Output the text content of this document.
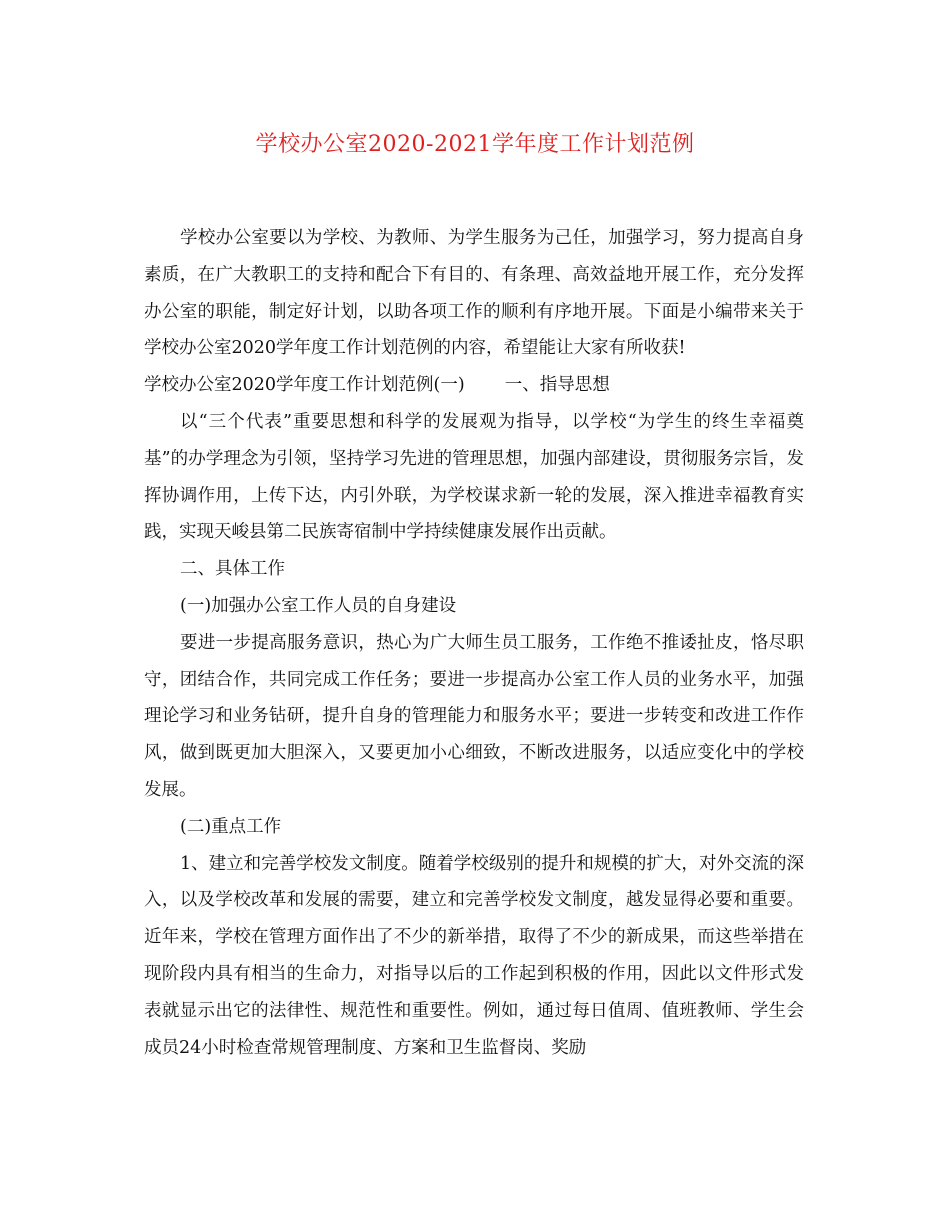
学校办公室2020-2021学年度工作计划范例

学校办公室要以为学校、为教师、为学生服务为己任，加强学习，努力提高自身素质，在广大教职工的支持和配合下有目的、有条理、高效益地开展工作，充分发挥办公室的职能，制定好计划，以助各项工作的顺利有序地开展。下面是小编带来关于学校办公室2020学年度工作计划范例的内容，希望能让大家有所收获!

学校办公室2020学年度工作计划范例(一) 一、指导思想

以“三个代表”重要思想和科学的发展观为指导，以学校“为学生的终生幸福奠基”的办学理念为引领，坚持学习先进的管理思想，加强内部建设，贯彻服务宗旨，发挥协调作用，上传下达，内引外联，为学校谋求新一轮的发展，深入推进幸福教育实践，实现天峻县第二民族寄宿制中学持续健康发展作出贡献。

二、具体工作

(一)加强办公室工作人员的自身建设

要进一步提高服务意识，热心为广大师生员工服务，工作绝不推诿扯皮，恪尽职守，团结合作，共同完成工作任务；要进一步提高办公室工作人员的业务水平，加强理论学习和业务钻研，提升自身的管理能力和服务水平；要进一步转变和改进工作作风，做到既更加大胆深入，又要更加小心细致，不断改进服务，以适应变化中的学校发展。

(二)重点工作

1、建立和完善学校发文制度。随着学校级别的提升和规模的扩大，对外交流的深入，以及学校改革和发展的需要，建立和完善学校发文制度，越发显得必要和重要。近年来，学校在管理方面作出了不少的新举措，取得了不少的新成果，而这些举措在现阶段内具有相当的生命力，对指导以后的工作起到积极的作用，因此以文件形式发表就显示出它的法律性、规范性和重要性。例如，通过每日值周、值班教师、学生会成员24小时检查常规管理制度、方案和卫生监督岗、奖励
